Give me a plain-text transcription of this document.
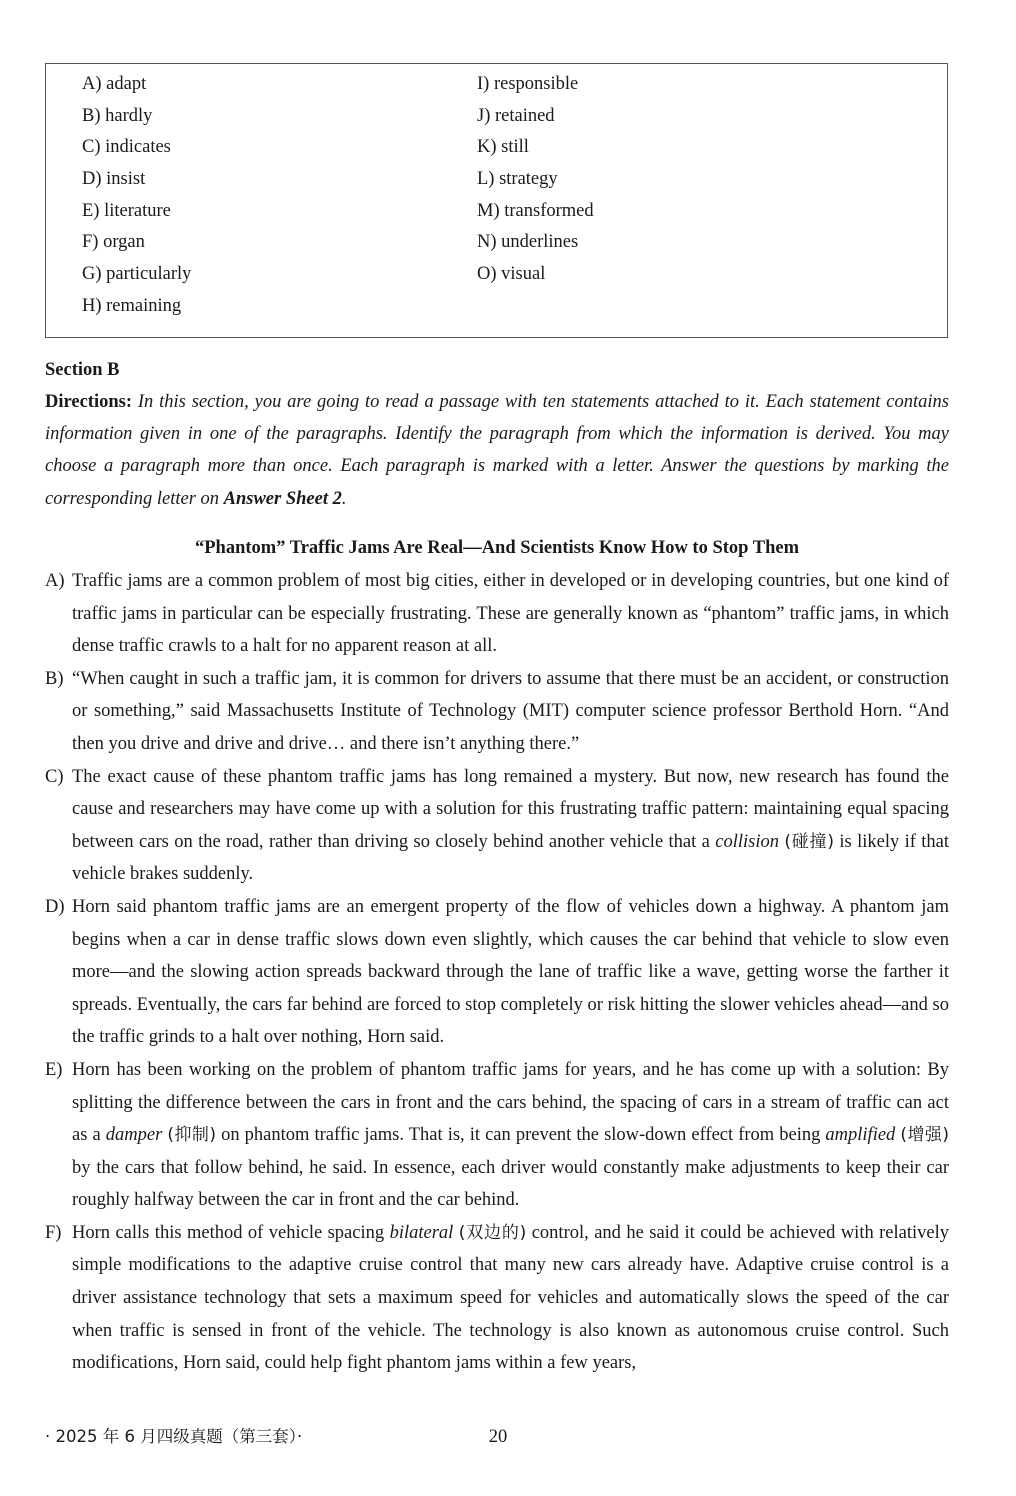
A) adapt
B) hardly
C) indicates
D) insist
E) literature
F) organ
G) particularly
H) remaining
I) responsible
J) retained
K) still
L) strategy
M) transformed
N) underlines
O) visual

Section B

Directions: In this section, you are going to read a passage with ten statements attached to it. Each statement contains information given in one of the paragraphs. Identify the paragraph from which the information is derived. You may choose a paragraph more than once. Each paragraph is marked with a letter. Answer the questions by marking the corresponding letter on Answer Sheet 2.

“Phantom” Traffic Jams Are Real—And Scientists Know How to Stop Them

A) Traffic jams are a common problem of most big cities, either in developed or in developing countries, but one kind of traffic jams in particular can be especially frustrating. These are generally known as “phantom” traffic jams, in which dense traffic crawls to a halt for no apparent reason at all.

B) “When caught in such a traffic jam, it is common for drivers to assume that there must be an accident, or construction or something,” said Massachusetts Institute of Technology (MIT) computer science professor Berthold Horn. “And then you drive and drive and drive… and there isn’t anything there.”

C) The exact cause of these phantom traffic jams has long remained a mystery. But now, new research has found the cause and researchers may have come up with a solution for this frustrating traffic pattern: maintaining equal spacing between cars on the road, rather than driving so closely behind another vehicle that a collision (碰撞) is likely if that vehicle brakes suddenly.

D) Horn said phantom traffic jams are an emergent property of the flow of vehicles down a highway. A phantom jam begins when a car in dense traffic slows down even slightly, which causes the car behind that vehicle to slow even more—and the slowing action spreads backward through the lane of traffic like a wave, getting worse the farther it spreads. Eventually, the cars far behind are forced to stop completely or risk hitting the slower vehicles ahead—and so the traffic grinds to a halt over nothing, Horn said.

E) Horn has been working on the problem of phantom traffic jams for years, and he has come up with a solution: By splitting the difference between the cars in front and the cars behind, the spacing of cars in a stream of traffic can act as a damper (抑制) on phantom traffic jams. That is, it can prevent the slow-down effect from being amplified (增强) by the cars that follow behind, he said. In essence, each driver would constantly make adjustments to keep their car roughly halfway between the car in front and the car behind.

F) Horn calls this method of vehicle spacing bilateral (双边的) control, and he said it could be achieved with relatively simple modifications to the adaptive cruise control that many new cars already have. Adaptive cruise control is a driver assistance technology that sets a maximum speed for vehicles and automatically slows the speed of the car when traffic is sensed in front of the vehicle. The technology is also known as autonomous cruise control. Such modifications, Horn said, could help fight phantom jams within a few years,

· 2025 年 6 月四级真题（第三套）·	20
